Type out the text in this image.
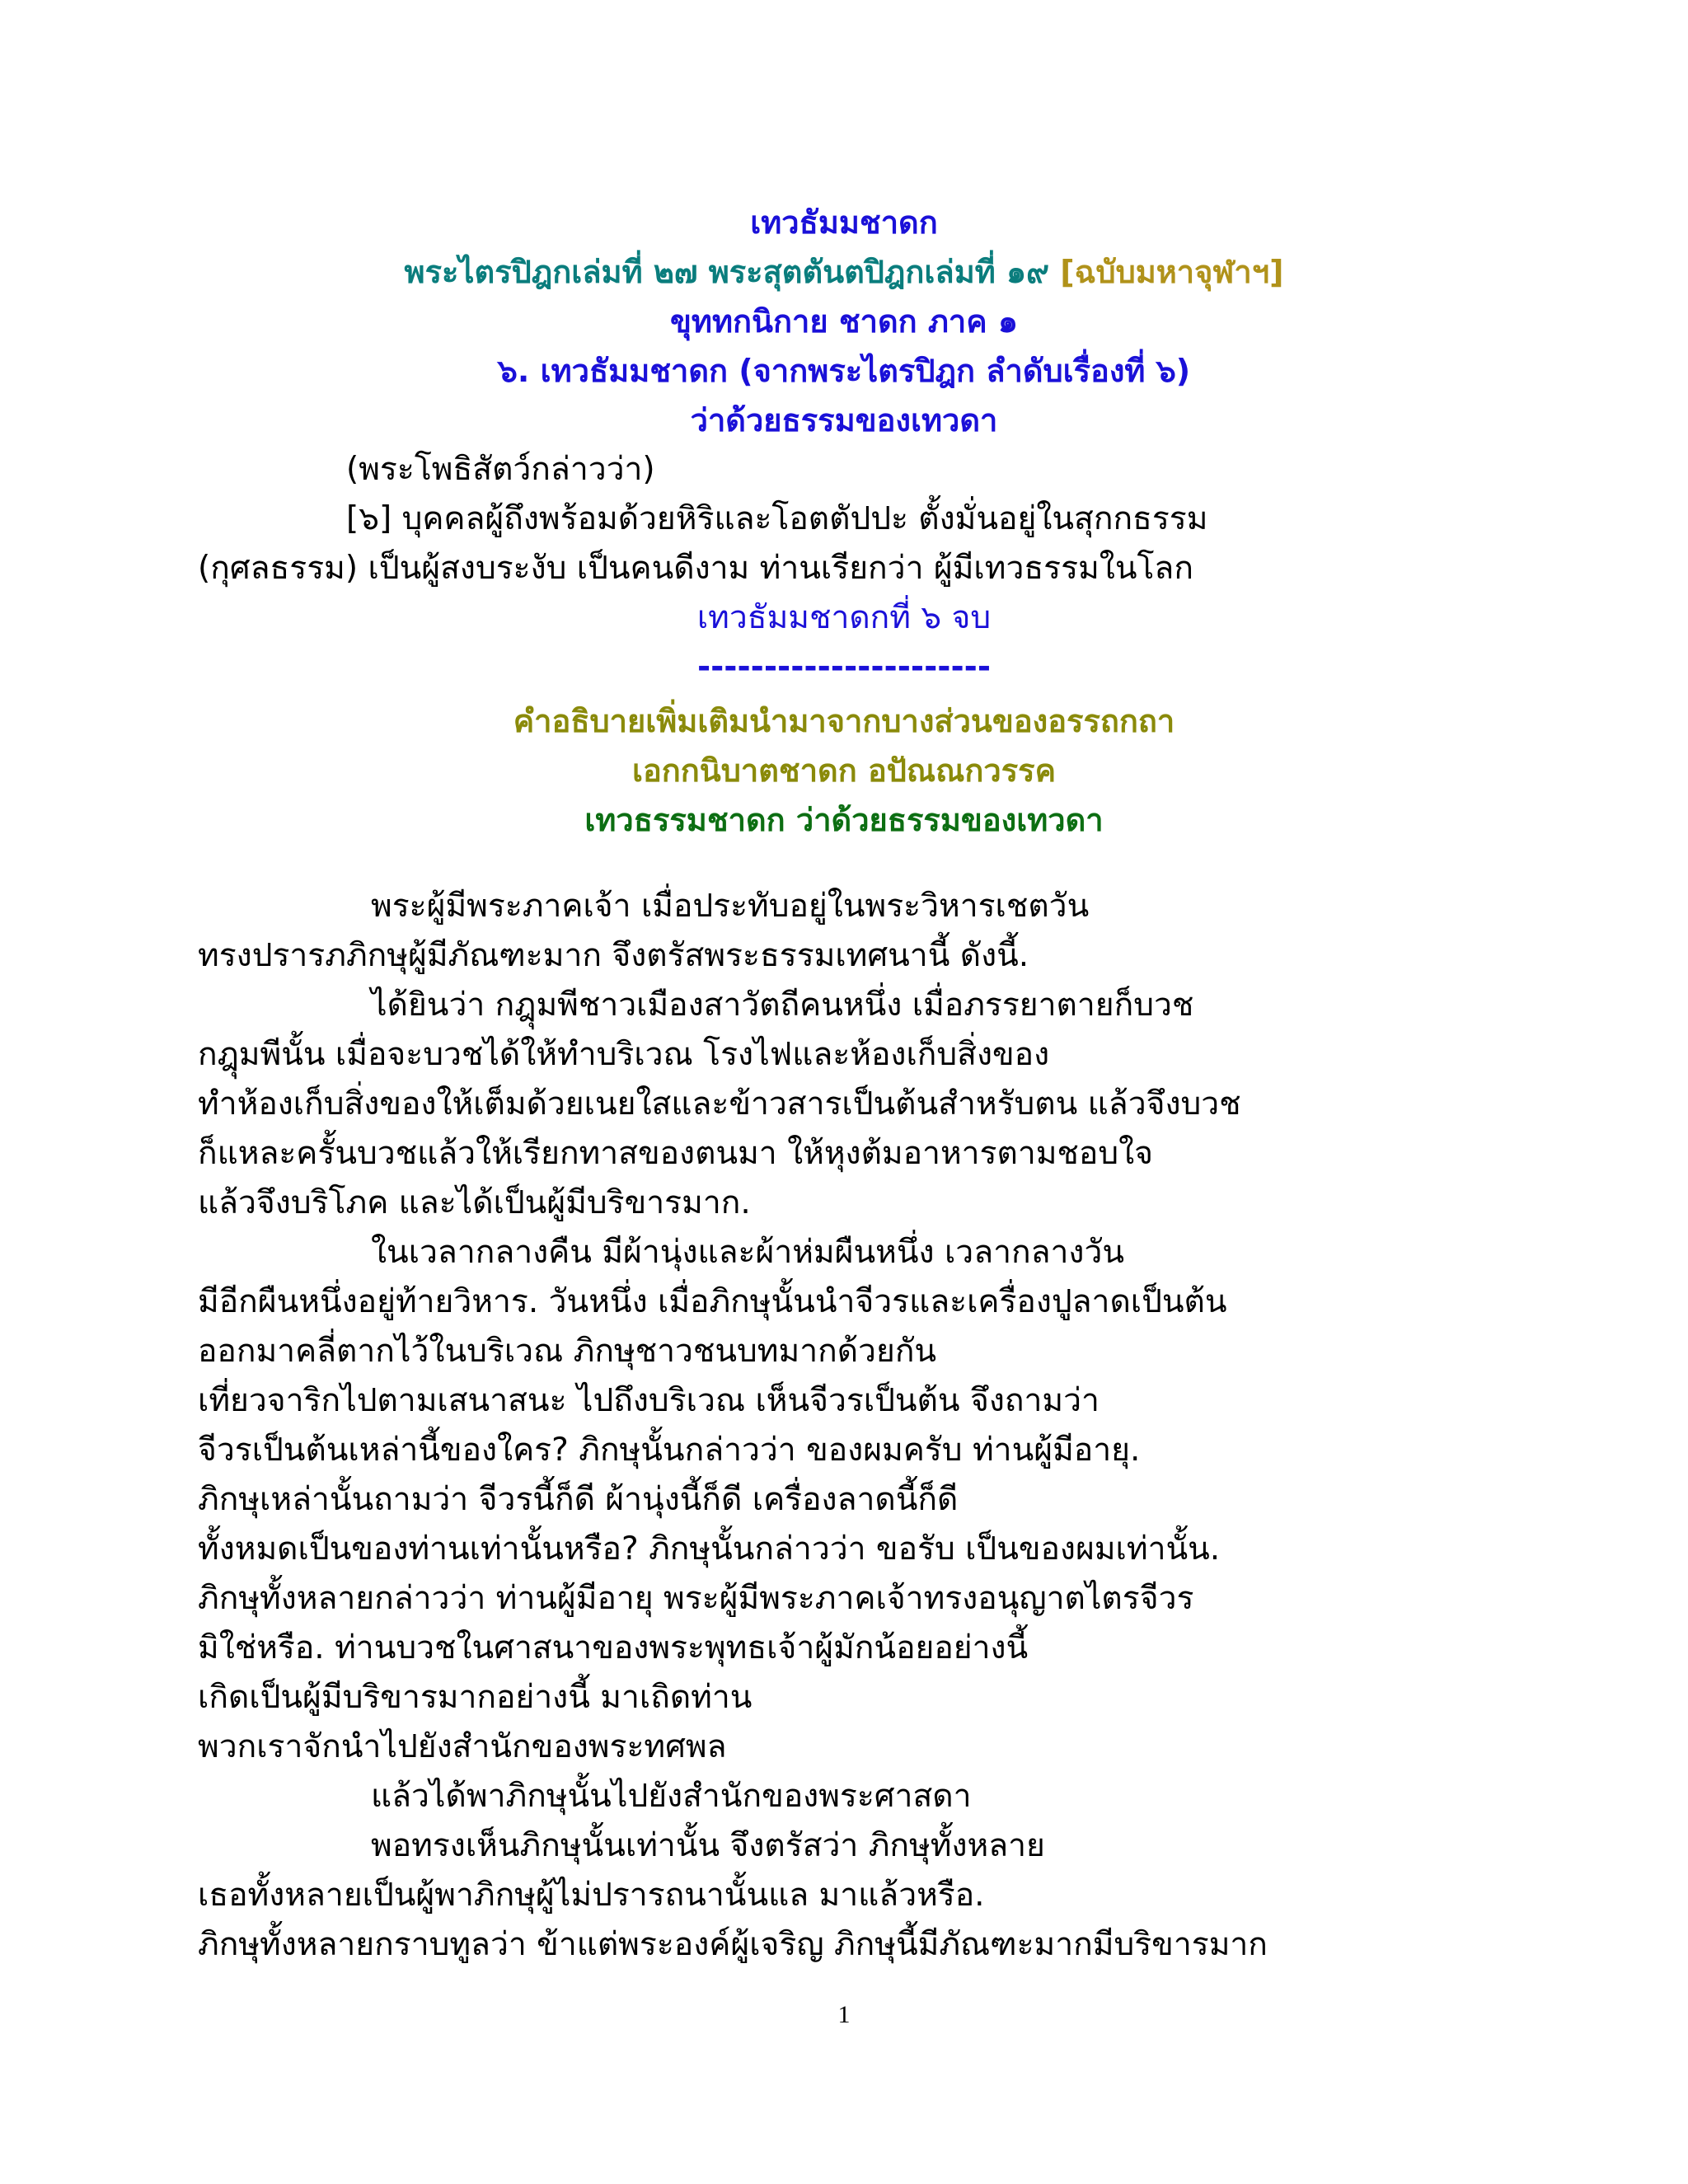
เทวธัมมชาดก
พระไตรปิฎกเล่มที่ ๒๗ พระสุตตันตปิฎกเล่มที่ ๑๙ [ฉบับมหาจุฬาฯ]
ขุททกนิกาย ชาดก ภาค ๑
๖. เทวธัมมชาดก (จากพระไตรปิฎก ลำดับเรื่องที่ ๖)
ว่าด้วยธรรมของเทวดา
(พระโพธิสัตว์กล่าวว่า)
[๖] บุคคลผู้ถึงพร้อมด้วยหิริและโอตตัปปะ ตั้งมั่นอยู่ในสุกกธรรม
(กุศลธรรม) เป็นผู้สงบระงับ เป็นคนดีงาม ท่านเรียกว่า ผู้มีเทวธรรมในโลก
เทวธัมมชาดกที่ ๖ จบ
----------------------
คำอธิบายเพิ่มเติมนำมาจากบางส่วนของอรรถกถา
เอกกนิบาตชาดก อปัณณกวรรค
เทวธรรมชาดก ว่าด้วยธรรมของเทวดา
พระผู้มีพระภาคเจ้า เมื่อประทับอยู่ในพระวิหารเชตวัน
ทรงปรารภภิกษุผู้มีภัณฑะมาก จึงตรัสพระธรรมเทศนานี้ ดังนี้.
ได้ยินว่า กฎุมพีชาวเมืองสาวัตถีคนหนึ่ง เมื่อภรรยาตายก็บวช
กฎุมพีนั้น เมื่อจะบวชได้ให้ทำบริเวณ โรงไฟและห้องเก็บสิ่งของ
ทำห้องเก็บสิ่งของให้เต็มด้วยเนยใสและข้าวสารเป็นต้นสำหรับตน แล้วจึงบวช
ก็แหละครั้นบวชแล้วให้เรียกทาสของตนมา ให้หุงต้มอาหารตามชอบใจ
แล้วจึงบริโภค และได้เป็นผู้มีบริขารมาก.
ในเวลากลางคืน มีผ้านุ่งและผ้าห่มผืนหนึ่ง เวลากลางวัน
มีอีกผืนหนึ่งอยู่ท้ายวิหาร. วันหนึ่ง เมื่อภิกษุนั้นนำจีวรและเครื่องปูลาดเป็นต้น
ออกมาคลี่ตากไว้ในบริเวณ ภิกษุชาวชนบทมากด้วยกัน
เที่ยวจาริกไปตามเสนาสนะ ไปถึงบริเวณ เห็นจีวรเป็นต้น จึงถามว่า
จีวรเป็นต้นเหล่านี้ของใคร? ภิกษุนั้นกล่าวว่า ของผมครับ ท่านผู้มีอายุ.
ภิกษุเหล่านั้นถามว่า จีวรนี้ก็ดี ผ้านุ่งนี้ก็ดี เครื่องลาดนี้ก็ดี
ทั้งหมดเป็นของท่านเท่านั้นหรือ? ภิกษุนั้นกล่าวว่า ขอรับ เป็นของผมเท่านั้น.
ภิกษุทั้งหลายกล่าวว่า ท่านผู้มีอายุ พระผู้มีพระภาคเจ้าทรงอนุญาตไตรจีวร
มิใช่หรือ. ท่านบวชในศาสนาของพระพุทธเจ้าผู้มักน้อยอย่างนี้
เกิดเป็นผู้มีบริขารมากอย่างนี้ มาเถิดท่าน
พวกเราจักนำไปยังสำนักของพระทศพล
แล้วได้พาภิกษุนั้นไปยังสำนักของพระศาสดา
พอทรงเห็นภิกษุนั้นเท่านั้น จึงตรัสว่า ภิกษุทั้งหลาย
เธอทั้งหลายเป็นผู้พาภิกษุผู้ไม่ปรารถนานั้นแล มาแล้วหรือ.
ภิกษุทั้งหลายกราบทูลว่า ข้าแต่พระองค์ผู้เจริญ ภิกษุนี้มีภัณฑะมากมีบริขารมาก
1
